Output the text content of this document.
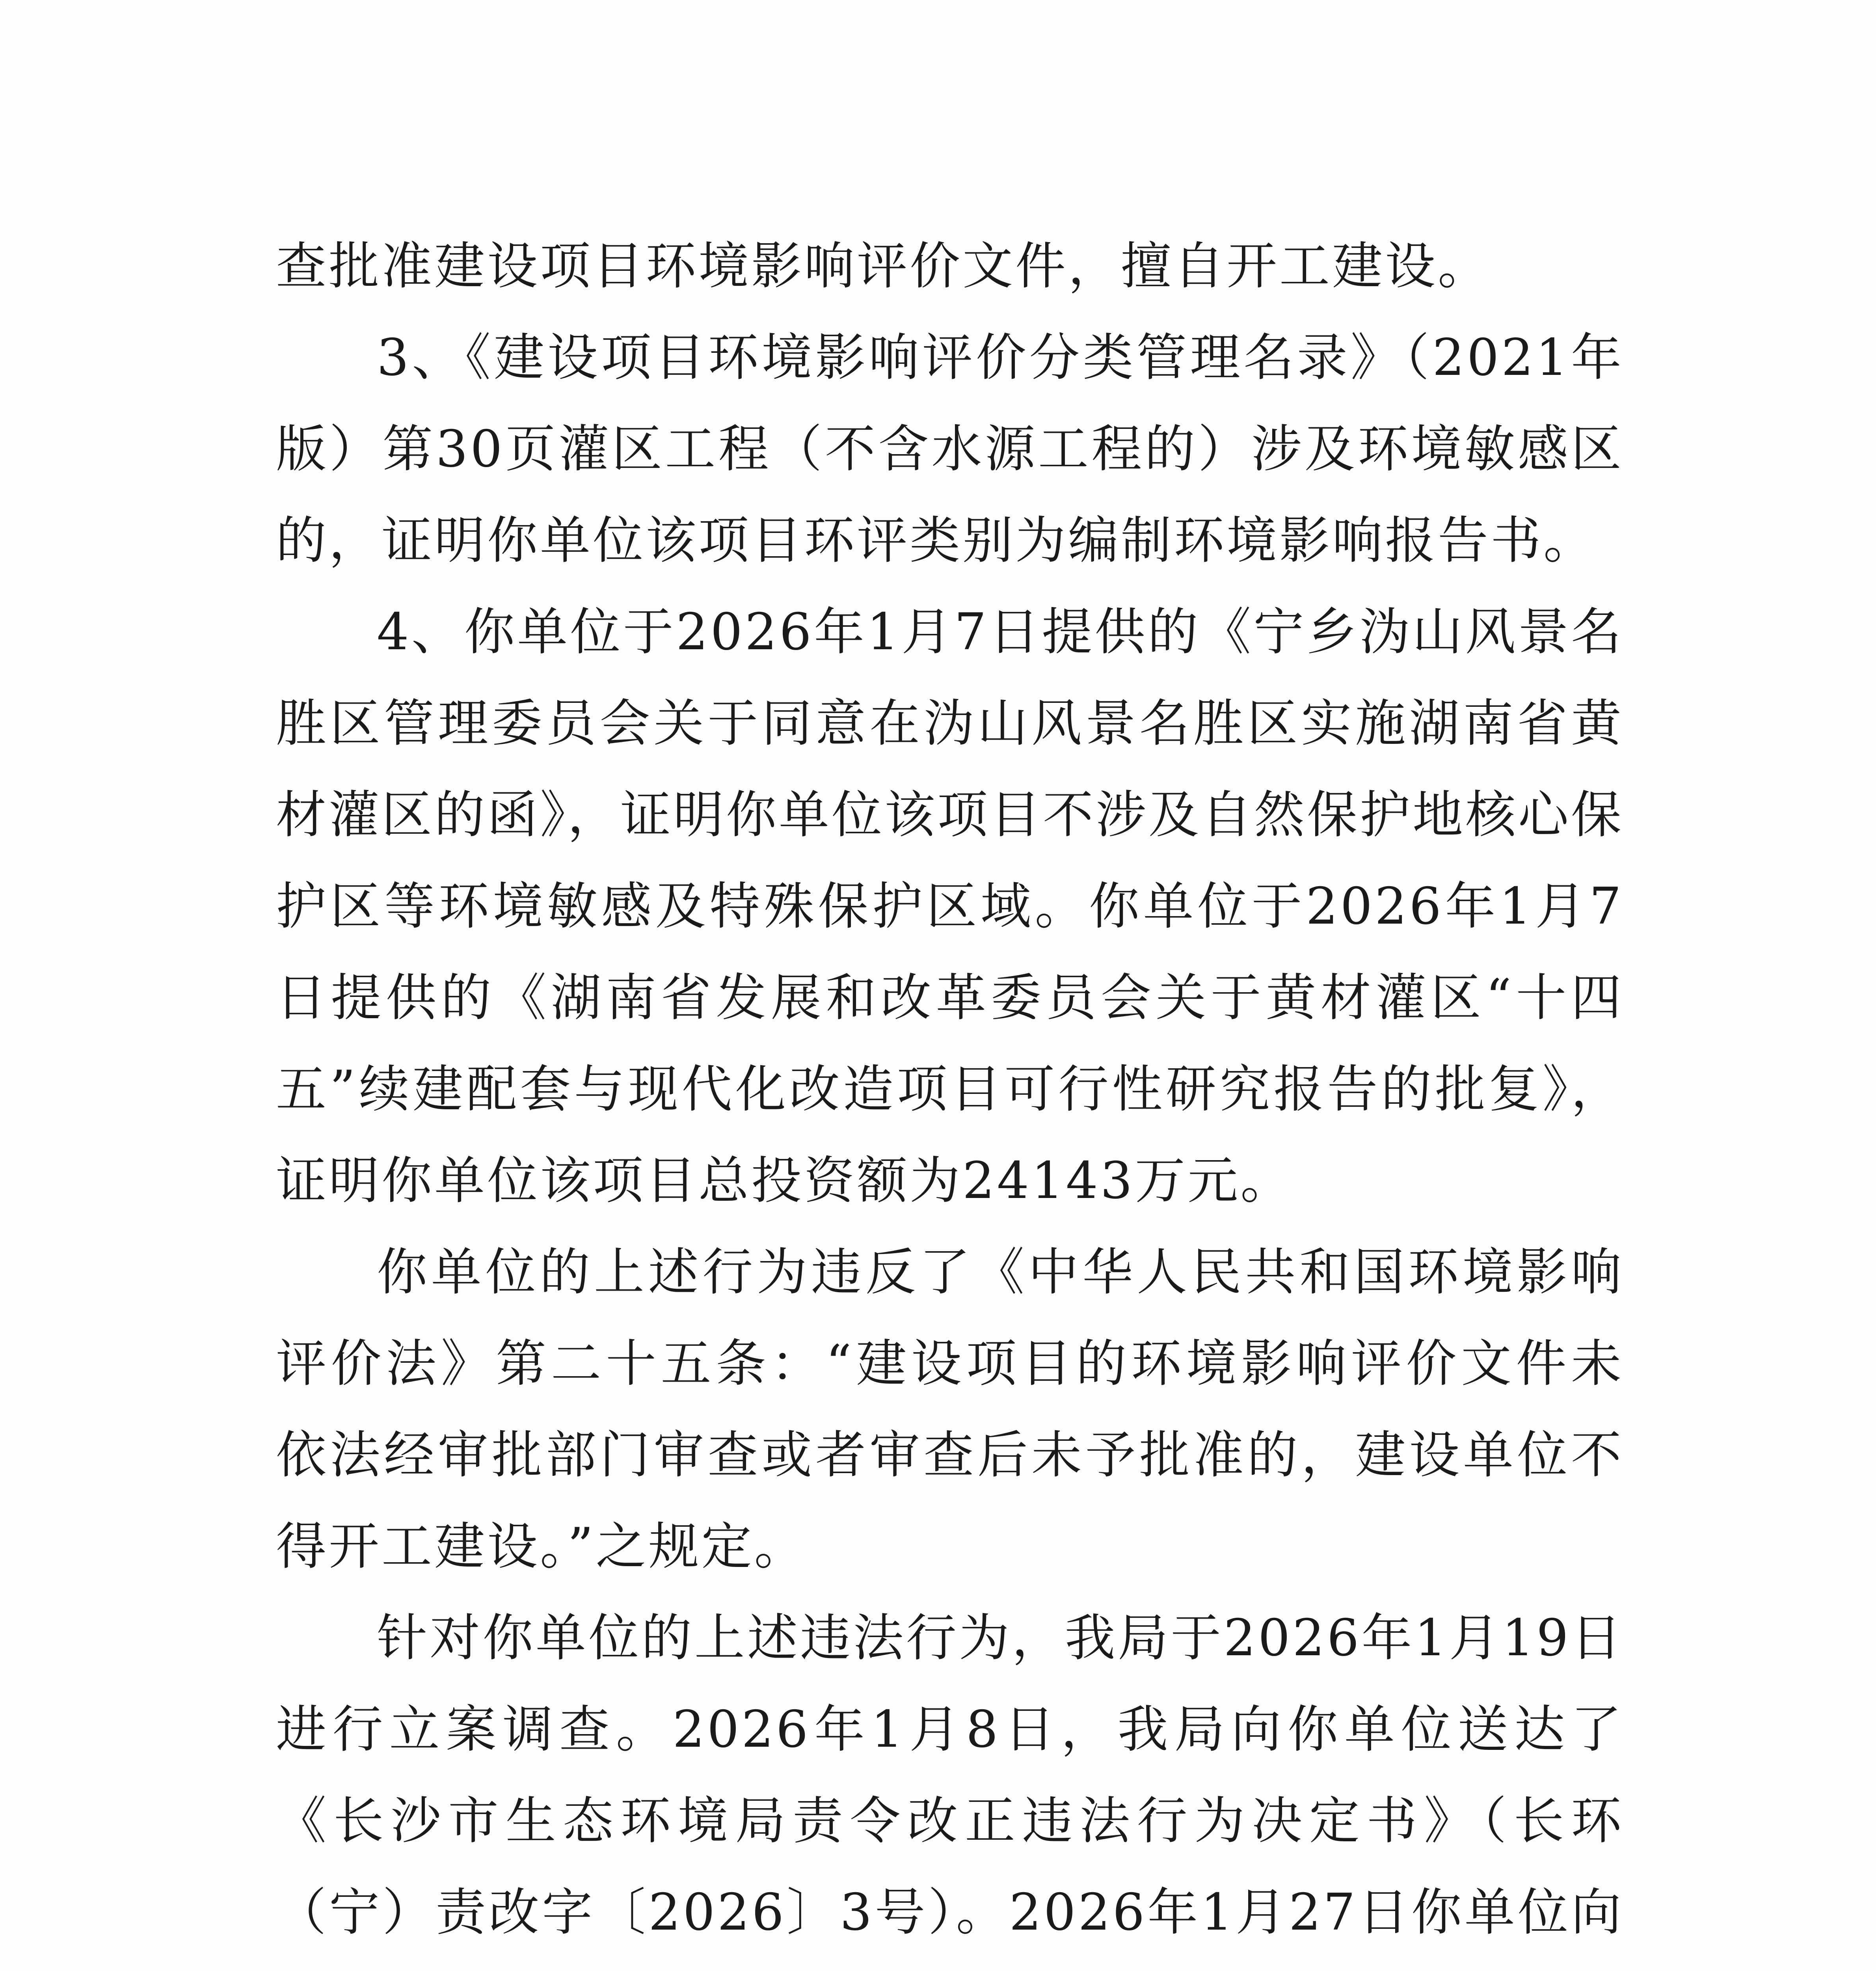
查批准建设项目环境影响评价文件，擅自开工建设。

3、《建设项目环境影响评价分类管理名录》（2021年版）第30页灌区工程（不含水源工程的）涉及环境敏感区的，证明你单位该项目环评类别为编制环境影响报告书。

4、你单位于2026年1月7日提供的《宁乡沩山风景名胜区管理委员会关于同意在沩山风景名胜区实施湖南省黄材灌区的函》，证明你单位该项目不涉及自然保护地核心保护区等环境敏感及特殊保护区域。你单位于2026年1月7日提供的《湖南省发展和改革委员会关于黄材灌区“十四五”续建配套与现代化改造项目可行性研究报告的批复》，证明你单位该项目总投资额为24143万元。

你单位的上述行为违反了《中华人民共和国环境影响评价法》第二十五条：“建设项目的环境影响评价文件未依法经审批部门审查或者审查后未予批准的，建设单位不得开工建设。”之规定。

针对你单位的上述违法行为，我局于2026年1月19日进行立案调查。2026年1月8日，我局向你单位送达了《长沙市生态环境局责令改正违法行为决定书》（长环（宁）责改字〔2026〕3号）。2026年1月27日你单位向
